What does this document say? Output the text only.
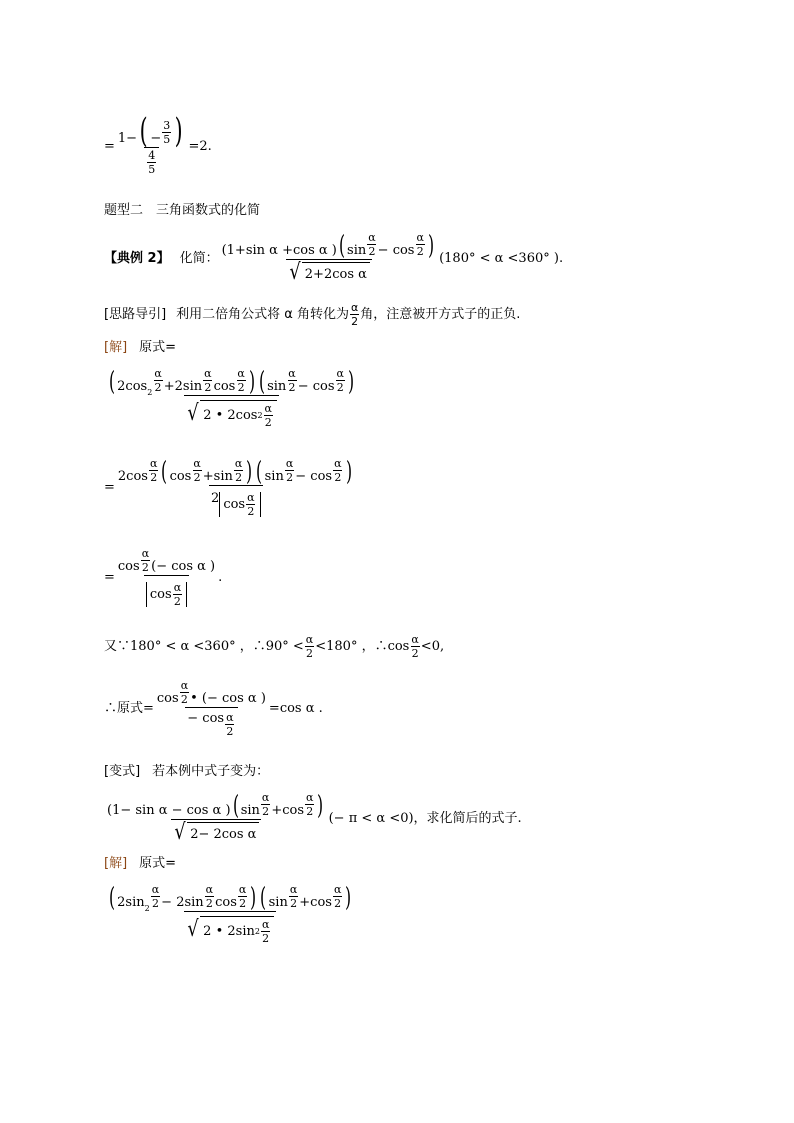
=
1− ( − $\frac{3}{5}$ )
$\frac{4}{5}$
=2.
题型二　三角函数式的化简
【典例 2】 化简： (1+sin α +cos α ) ( $\sin \frac{\alpha}{2} - \cos \frac{\alpha}{2}$ )
√ 2+2cos α
(180° < α <360° ).
[思路导引] 利用二倍角公式将 α 角转化为 $\frac{\alpha}{2}$ 角，注意被开方式子的正负.
[解] 原式=
( 2cos $2 \frac{\alpha}{2} +2\sin \frac{\alpha}{2}$ $\cos \frac{\alpha}{2}$ ) ( $\sin \frac{\alpha}{2} - \cos \frac{\alpha}{2}$ )
√ 2 • 2cos $2 \frac{\alpha}{2}$
=
$2\cos \frac{\alpha}{2}$ ( $\cos \frac{\alpha}{2} +\sin \frac{\alpha}{2}$ ) ( $\sin \frac{\alpha}{2} - \cos \frac{\alpha}{2}$ )
2 $\cos \frac{\alpha}{2}$
= $\frac{\cos \frac{\alpha}{2} (- \cos \alpha )}{\cos \frac{\alpha}{2}}$ .
又∵180° < α <360° ，∴90° < $\frac{\alpha}{2} <180^\circ$ ，∴cos $\frac{\alpha}{2} <0$,
∴原式= $\frac{\cos \frac{\alpha}{2} • (- \cos \alpha )}{- \cos \frac{\alpha}{2}} =\cos$ α .
[变式] 若本例中式子变为：
(1− sin α − cos α ) ( $\sin \frac{\alpha}{2} +\cos \frac{\alpha}{2}$ )
√ 2− 2cos α
(− π < α <0)，求化简后的式子.
[解] 原式=
( 2sin $2 \frac{\alpha}{2} - 2\sin \frac{\alpha}{2}$ $\cos \frac{\alpha}{2}$ ) ( $\sin \frac{\alpha}{2} +\cos \frac{\alpha}{2}$ )
√ 2 • 2sin $2 \frac{\alpha}{2}$
